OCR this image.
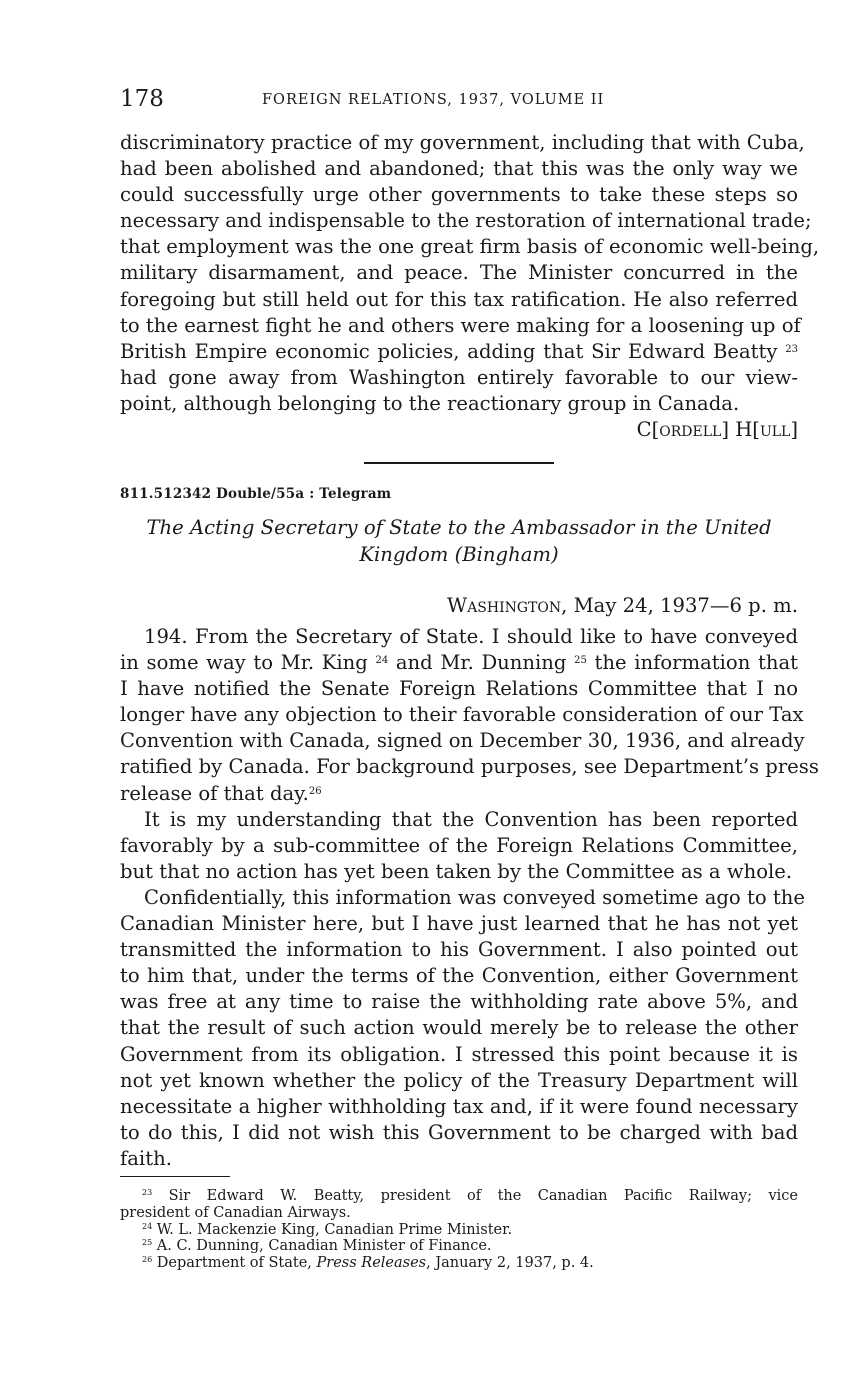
178	FOREIGN RELATIONS, 1937, VOLUME II
discriminatory practice of my government, including that with Cuba,
had been abolished and abandoned; that this was the only way we
could successfully urge other governments to take these steps so
necessary and indispensable to the restoration of international trade;
that employment was the one great firm basis of economic well-being,
military disarmament, and peace. The Minister concurred in the
foregoing but still held out for this tax ratification. He also referred
to the earnest fight he and others were making for a loosening up of
British Empire economic policies, adding that Sir Edward Beatty $^{23}$
had gone away from Washington entirely favorable to our view-
point, although belonging to the reactionary group in Canada.
C[ordell] H[ull]
811.512342 Double/55a : Telegram
The Acting Secretary of State to the Ambassador in the United
Kingdom (Bingham)
Washington, May 24, 1937—6 p. m.
194. From the Secretary of State. I should like to have conveyed
in some way to Mr. King $^{24}$ and Mr. Dunning $^{25}$ the information that
I have notified the Senate Foreign Relations Committee that I no
longer have any objection to their favorable consideration of our Tax
Convention with Canada, signed on December 30, 1936, and already
ratified by Canada. For background purposes, see Department’s press
release of that day.$^{26}$
It is my understanding that the Convention has been reported
favorably by a sub-committee of the Foreign Relations Committee,
but that no action has yet been taken by the Committee as a whole.
Confidentially, this information was conveyed sometime ago to the
Canadian Minister here, but I have just learned that he has not yet
transmitted the information to his Government. I also pointed out
to him that, under the terms of the Convention, either Government
was free at any time to raise the withholding rate above 5%, and
that the result of such action would merely be to release the other
Government from its obligation. I stressed this point because it is
not yet known whether the policy of the Treasury Department will
necessitate a higher withholding tax and, if it were found necessary
to do this, I did not wish this Government to be charged with bad
faith.
$^{23}$ Sir Edward W. Beatty, president of the Canadian Pacific Railway; vice
president of Canadian Airways.
$^{24}$ W. L. Mackenzie King, Canadian Prime Minister.
$^{25}$ A. C. Dunning, Canadian Minister of Finance.
$^{26}$ Department of State, Press Releases, January 2, 1937, p. 4.
